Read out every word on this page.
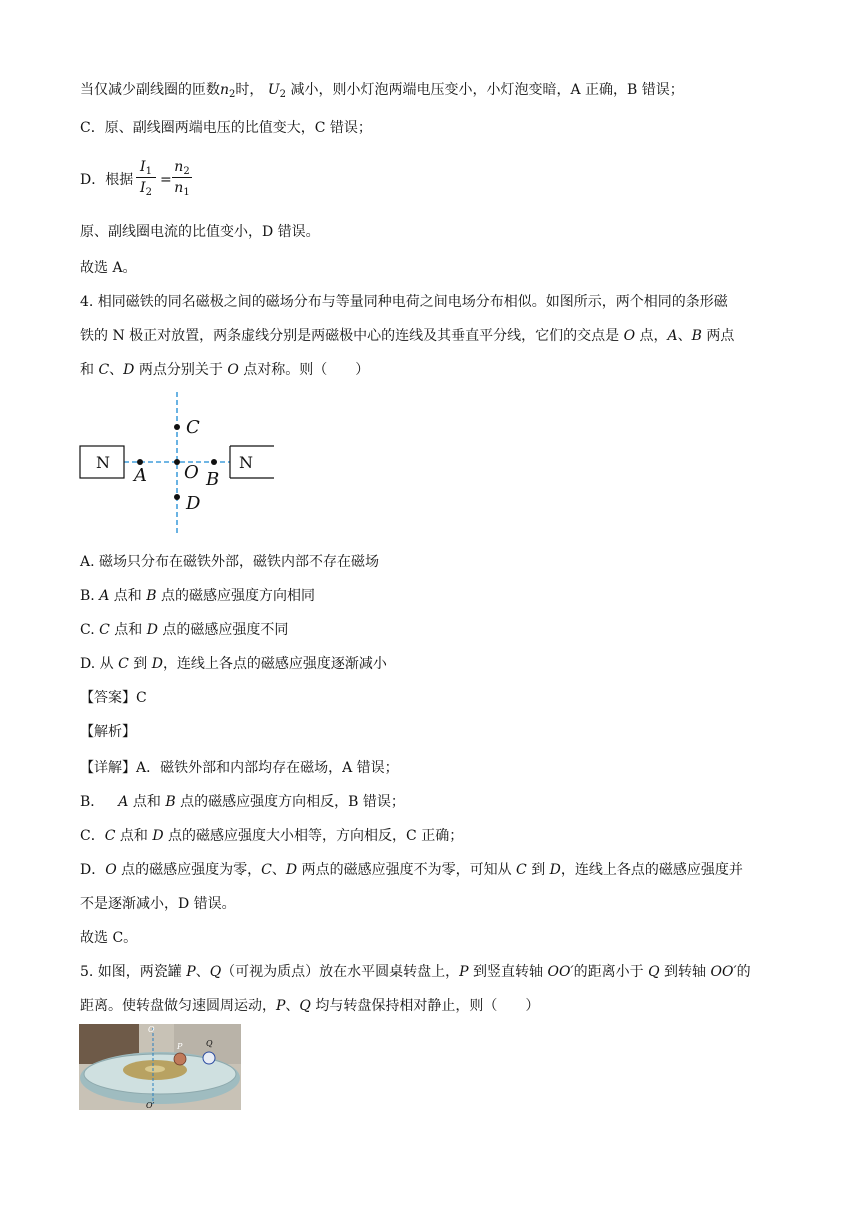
当仅减少副线圈的匝数$n_2$时， $U_2$ 减小，则小灯泡两端电压变小，小灯泡变暗，A 正确，B 错误；
C．原、副线圈两端电压的比值变大，C 错误；
D．根据
$I_1$
$I_2$
=
$n_2$
$n_1$
原、副线圈电流的比值变小，D 错误。
故选 A。
4. 相同磁铁的同名磁极之间的磁场分布与等量同种电荷之间电场分布相似。如图所示，两个相同的条形磁
铁的 N 极正对放置，两条虚线分别是两磁极中心的连线及其垂直平分线，它们的交点是 O 点，A、B 两点
和 C、D 两点分别关于 O 点对称。则（　　）
N	N
A O B
C
D
A. 磁场只分布在磁铁外部，磁铁内部不存在磁场
B. A 点和 B 点的磁感应强度方向相同
C. C 点和 D 点的磁感应强度不同
D. 从 C 到 D，连线上各点的磁感应强度逐渐减小
【答案】C
【解析】
【详解】A．磁铁外部和内部均存在磁场，A 错误；
B．  A 点和 B 点的磁感应强度方向相反，B 错误；
C．C 点和 D 点的磁感应强度大小相等，方向相反，C 正确；
D．O 点的磁感应强度为零，C、D 两点的磁感应强度不为零，可知从 C 到 D，连线上各点的磁感应强度并
不是逐渐减小，D 错误。
故选 C。
5. 如图，两瓷罐 P、Q（可视为质点）放在水平圆桌转盘上，P 到竖直转轴 OO′的距离小于 Q 到转轴 OO′的
距离。使转盘做匀速圆周运动，P、Q 均与转盘保持相对静止，则（　　）
O
O′
P	Q
